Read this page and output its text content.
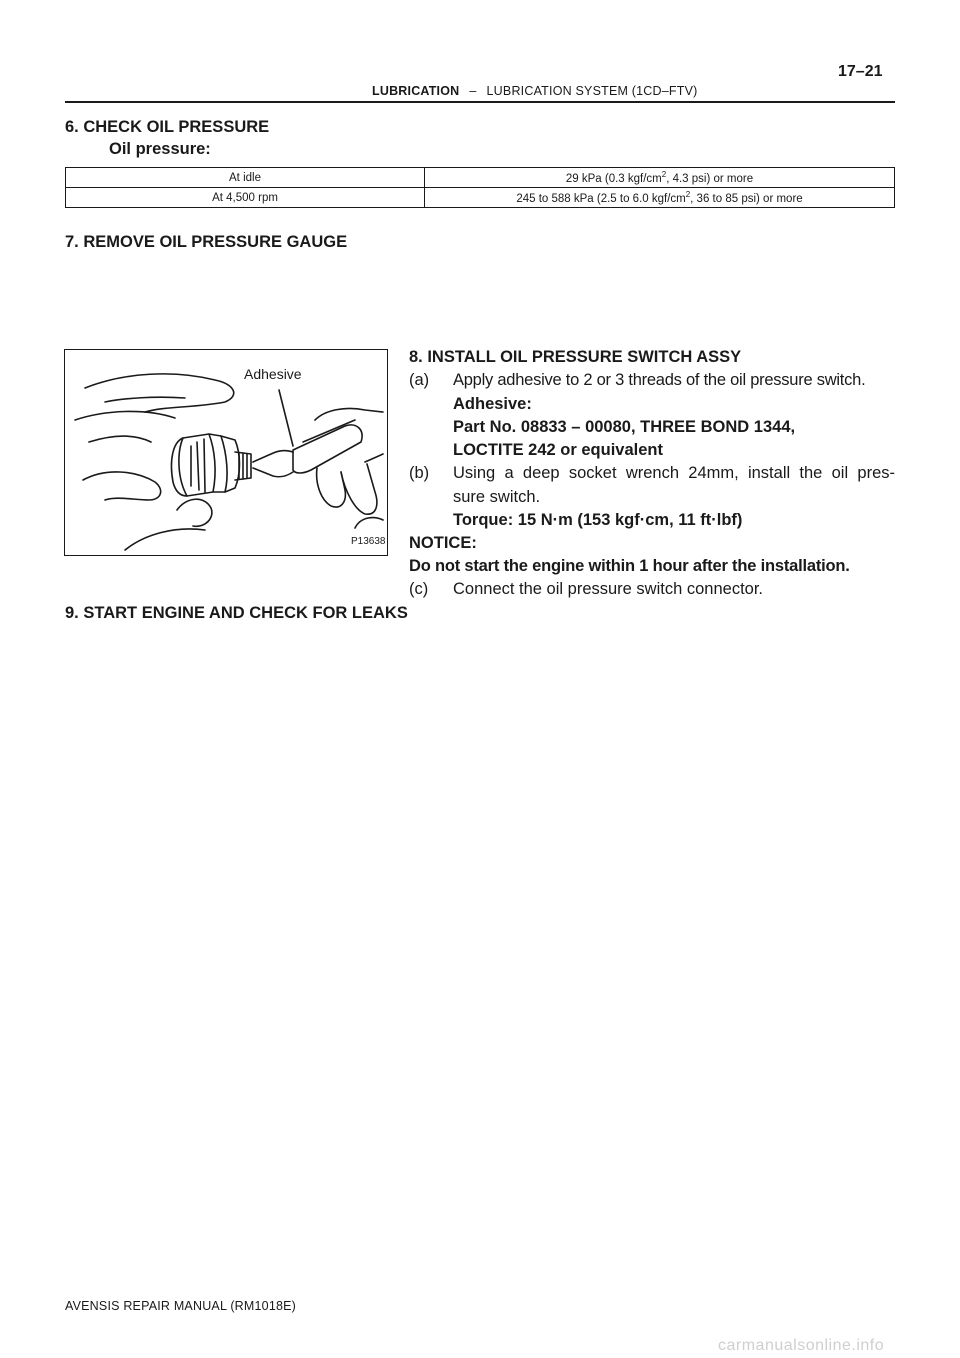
17–21
LUBRICATION – LUBRICATION SYSTEM (1CD–FTV)
6. CHECK OIL PRESSURE
Oil pressure:
At idle	29 kPa (0.3 kgf/$cm^2$, 4.3 psi) or more
At 4,500 rpm	245 to 588 kPa (2.5 to 6.0 kgf/$cm^2$, 36 to 85 psi) or more
7. REMOVE OIL PRESSURE GAUGE
Adhesive
P13638
8. INSTALL OIL PRESSURE SWITCH ASSY
(a) Apply adhesive to 2 or 3 threads of the oil pressure switch.
Adhesive:
Part No. 08833 – 00080, THREE BOND 1344,
LOCTITE 242 or equivalent
(b) Using a deep socket wrench 24mm, install the oil pres-
sure switch.
Torque: 15 N·m (153 kgf·cm, 11 ft·lbf)
NOTICE:
Do not start the engine within 1 hour after the installation.
(c) Connect the oil pressure switch connector.
9. START ENGINE AND CHECK FOR LEAKS
AVENSIS REPAIR MANUAL (RM1018E)
carmanualsonline.info
